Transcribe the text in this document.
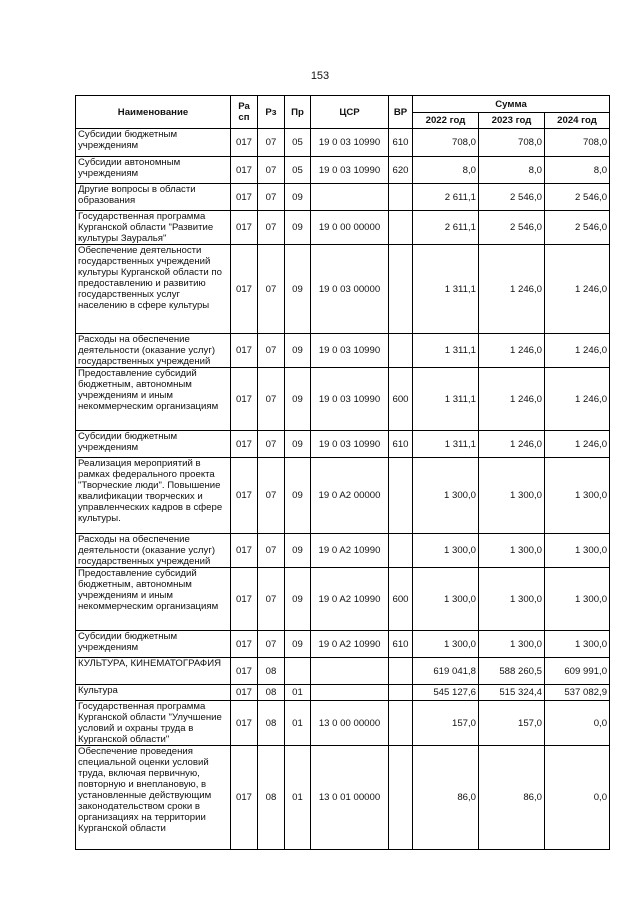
153
Наименование	Ра сп	Рз	Пр	ЦСР	ВР	Сумма		
						2022 год	2023 год	2024 год
Субсидии бюджетным учреждениям	017	07	05	19 0 03 10990	610	708,0	708,0	708,0
Субсидии автономным учреждениям	017	07	05	19 0 03 10990	620	8,0	8,0	8,0
Другие вопросы в области образования	017	07	09			2 611,1	2 546,0	2 546,0
Государственная программа Курганской области "Развитие культуры Зауралья"	017	07	09	19 0 00 00000		2 611,1	2 546,0	2 546,0
Обеспечение деятельности государственных учреждений культуры Курганской области по предоставлению и развитию государственных услуг населению в сфере культуры	017	07	09	19 0 03 00000		1 311,1	1 246,0	1 246,0
Расходы на обеспечение деятельности (оказание услуг) государственных учреждений	017	07	09	19 0 03 10990		1 311,1	1 246,0	1 246,0
Предоставление субсидий бюджетным, автономным учреждениям и иным некоммерческим организациям	017	07	09	19 0 03 10990	600	1 311,1	1 246,0	1 246,0
Субсидии бюджетным учреждениям	017	07	09	19 0 03 10990	610	1 311,1	1 246,0	1 246,0
Реализация мероприятий в рамках федерального проекта "Творческие люди". Повышение квалификации творческих и управленческих кадров в сфере культуры.	017	07	09	19 0 A2 00000		1 300,0	1 300,0	1 300,0
Расходы на обеспечение деятельности (оказание услуг) государственных учреждений	017	07	09	19 0 A2 10990		1 300,0	1 300,0	1 300,0
Предоставление субсидий бюджетным, автономным учреждениям и иным некоммерческим организациям	017	07	09	19 0 A2 10990	600	1 300,0	1 300,0	1 300,0
Субсидии бюджетным учреждениям	017	07	09	19 0 A2 10990	610	1 300,0	1 300,0	1 300,0
КУЛЬТУРА, КИНЕМАТОГРАФИЯ	017	08				619 041,8	588 260,5	609 991,0
Культура	017	08	01			545 127,6	515 324,4	537 082,9
Государственная программа Курганской области "Улучшение условий и охраны труда в Курганской области"	017	08	01	13 0 00 00000		157,0	157,0	0,0
Обеспечение проведения специальной оценки условий труда, включая первичную, повторную и внеплановую, в установленные действующим законодательством сроки в организациях на территории Курганской области	017	08	01	13 0 01 00000		86,0	86,0	0,0
